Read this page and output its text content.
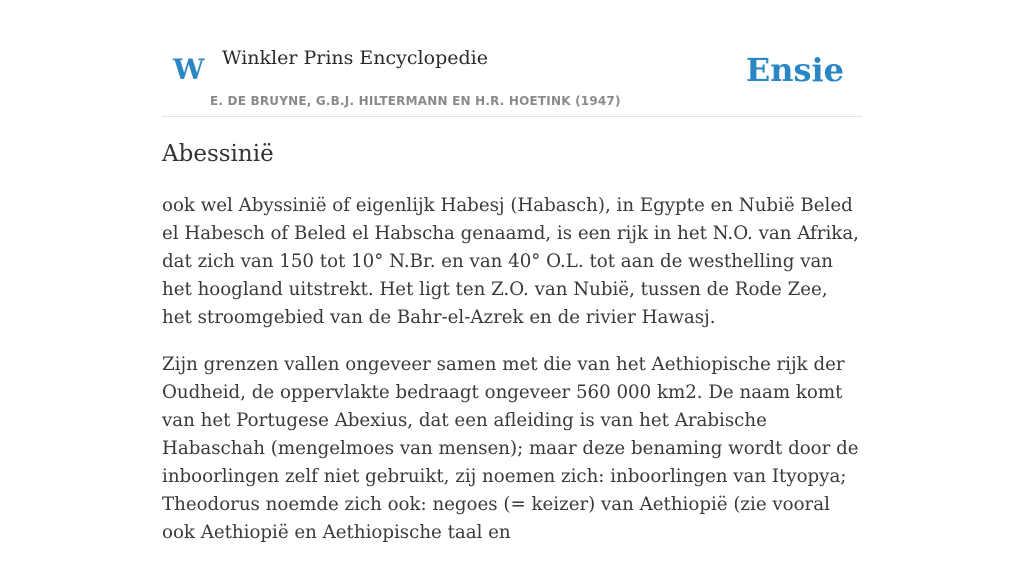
W Winkler Prins Encyclopedie
E. DE BRUYNE, G.B.J. HILTERMANN EN H.R. HOETINK (1947)
Ensie
Abessinië

ook wel Abyssinië of eigenlijk Habesj (Habasch), in Egypte en Nubië Beled el Habesch of Beled el Habscha genaamd, is een rijk in het N.O. van Afrika, dat zich van 150 tot 10° N.Br. en van 40° O.L. tot aan de westhelling van het hoogland uitstrekt. Het ligt ten Z.O. van Nubië, tussen de Rode Zee, het stroomgebied van de Bahr-el-Azrek en de rivier Hawasj.

Zijn grenzen vallen ongeveer samen met die van het Aethiopische rijk der Oudheid, de oppervlakte bedraagt ongeveer 560 000 km2. De naam komt van het Portugese Abexius, dat een afleiding is van het Arabische Habaschah (mengelmoes van mensen); maar deze benaming wordt door de inboorlingen zelf niet gebruikt, zij noemen zich: inboorlingen van Ityopya; Theodorus noemde zich ook: negoes (= keizer) van Aethiopië (zie vooral ook Aethiopië en Aethiopische taal en
